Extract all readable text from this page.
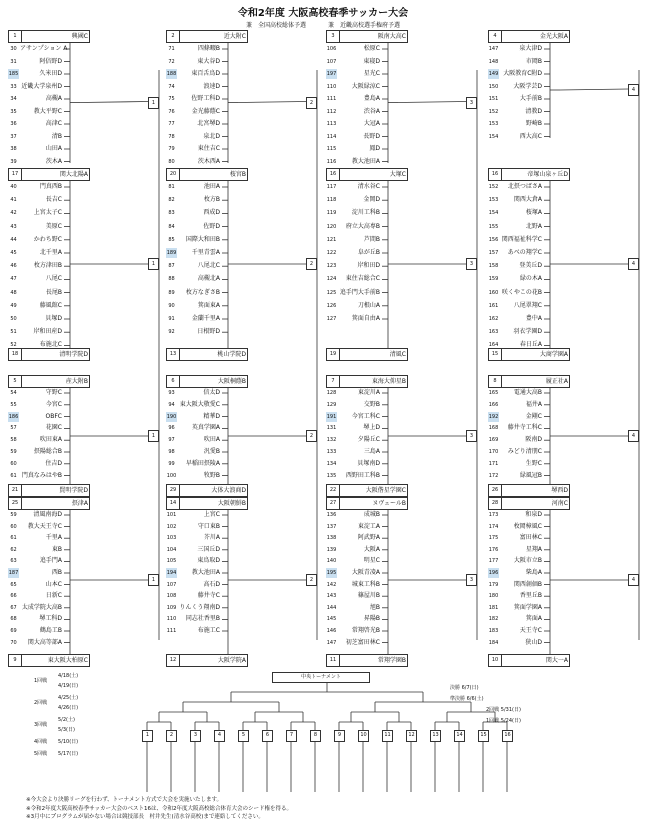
令和2年度 大阪高校春季サッカー大会
兼　全国高校総体予選	兼　近畿高校選手権府予選
1	興國C
30 アサンプション A
31	阿倍野D
185	久米田D
33 近畿大学泉州D
34	高槻A
35	教大平野C
36	高津C
37	清B
38	山田A
39	茨木A
1
17	関大北陽A
40	門真西B
41	長吉C
42	上宮太子C
43	美原C
44	かわち野C
45	北千里A
46	枚方津田B
47	八尾C
48	長尾B
49	藤風館C
50	貝塚D
51	岸和田産D
52	布施北C
18	清明学院D
1
5	産大附B
54	守野C
55	今宮C
186	OBFC
57	花園C
58	吹田東A
59	摂陽総合B
60	住吉D
61 門真なみはやB
21	賢明学院D
1
25	摂津A
59	清風南海D
60	教大天王寺C
61	千里A
62	東B
63	追手門A
187	西B
65	山本C
66	日新C
67 太成学院大高B
68	堺工科D
69	鶴島工B
70	関大高等部A
9	東大阪大柏原C
1
2	近大附C
71	四條畷B
72	東大谷D
188	東百舌鳥D
74	浪速D
75	佐野工科D
76	金光藤蔭C
77	北宮堺D
78	泉北D
79	東住吉C
80	茨木西A
2
20	桜宮B
81	池田A
82	枚方B
83	西成D
84	佐野D
85	国際大和田B
189	千里青雲A
87	八尾北C
88	高槻北A
89	枚方なぎさB
90	箕面東A
91	金蘭千里A
92	日根野D
13	桃山学院D
2
6	大阪桐蔭B
93	信太D
94 東大阪大敬愛C
190	精華D
96	英真学園A
97	吹田A
98	汎愛B
99	早稲田摂陵A
100	牧野B
29	大体大浪商D
2
14	大阪朝鮮B
101	上宮C
102	守口東B
103	芥川A
104	三国丘D
105	東鳥取D
194	教大池田A
107	高石D
108	藤井寺C
109 りんくう翔南D
110	同志社香里B
111	布施工C
12	大阪学院A
2
3	阪南大高C
106	松原C
107	東寝D
197	星光C
110	大阪緑涼C
111	豊島A
112	渋谷A
113	大冠A
114	長野D
115	鳳D
116	教大池田A
3
16	大塚C
117	清水谷C
118	金岡D
119	淀川工科B
120	府立大高専B
121	芦間B
122	阜が丘B
123	岸和田D
124	東住吉総合C
125 追手門大手前B
126	刀根山A
127	箕面自由A
19	清風C
3
7	東海大仰星B
128	東淀川A
129	交野B
191	今宮工科C
131	堺上D
132	夕陽丘C
133	三島A
134	貝塚南D
135	西野田工科B
22	大阪偕星学園C
3
27	ヌヴェールB
136	成城B
137	東淀工A
138	阿武野A
139	大阪A
140	明星C
195	大阪青凌A
142	城東工科B
143	篠屋川B
144	旭B
145	昇陽B
146	常翔啓光B
147	初芝富田林C
11	常翔学園B
3
4	金光大阪A
147	泉大津D
148	市岡B
149 大阪教育C附D
150	大阪学芸D
151	大手前B
152	清教D
153	野崎B
154	西大高C
4
16	帝塚山泉ヶ丘D
152	北摂つばさA
153	関西大倉A
154	桜塚A
155	北野A
156 関西福祉科学C
157	あべの翔学C
158	登美丘D
159	緑の木A
160 咲くやこの花B
161	八尾翠翔C
162	豊中A
163	羽衣学園D
164	春日丘A
15	大商学園A
4
8	履正社A
165	電通大高B
166	福井A
192	金剛C
168	藤井寺工科C
169	阪南D
170	みどり清朋C
171	生野C
172	緑風冠B
26	堺西D
4
28	河南C
173	和泉D
174	枚岡樟風C
175	富田林C
176	星翔A
177	大阪市立B
196	柴島A
179	関西創価B
180	香里丘B
181	箕面学園A
182	箕面A
183	天王寺C
184	狭山D
10	関大一A
4
1回戦
4/18(土)
4/19(日)
2回戦
4/25(土)
4/26(日)
3回戦
5/2(土)
5/3(日)
4回戦 5/10(日)
5回戦 5/17(日)
中央トーナメント
決勝 6/7(日)
準決勝 6/6(土)
2回戦 5/31(日)
1回戦 5/24(日)
1	2	3	4	5	6	7	8	9	10	11	12	13	14	15	16
※今大会より決勝リーグを行わず、トーナメント方式で大会を実施いたします。
※令和2年度大阪高校春季サッカー大会のベスト16は、令和2年度大阪高校総合体育大会のシード権を得る。
※3月中にプログラムが届かない場合は競技部長　村井先生(清水谷高校)まで連絡してください。
